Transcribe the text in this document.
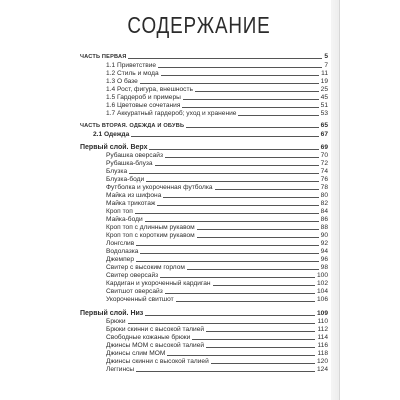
СОДЕРЖАНИЕ
ЧАСТЬ ПЕРВАЯ	5
1.1 Приветствие	7
1.2 Стиль и мода	11
1.3 О базе	19
1.4 Рост, фигура, внешность	25
1.5 Гардероб и примеры	45
1.6 Цветовые сочетания	51
1.7 Аккуратный гардероб; уход и хранение	53
ЧАСТЬ ВТОРАЯ. ОДЕЖДА И ОБУВЬ	65
2.1 Одежда	67
Первый слой. Верх	69
Рубашка оверсайз	70
Рубашка-блуза	72
Блузка	74
Блузка-боди	76
Футболка и укороченная футболка	78
Майка из шифона	80
Майка трикотаж	82
Крoп топ	84
Майка-боди	86
Крoп топ с длинным рукавом	88
Крoп топ с коротким рукавом	90
Лонгслив	92
Водолазка	94
Джемпер	96
Свитер с высоким горлом	98
Свитер оверсайз	100
Кардиган и укороченный кардиган	102
Свитшот оверсайз	104
Укороченный свитшот	106
Первый слой. Низ	109
Брюки	110
Брюки скинни с высокой талией	112
Свободные кожаные брюки	114
Джинсы МОМ с высокой талией	116
Джинсы слим МОМ	118
Джинсы скинни с высокой талией	120
Леггинсы	124
